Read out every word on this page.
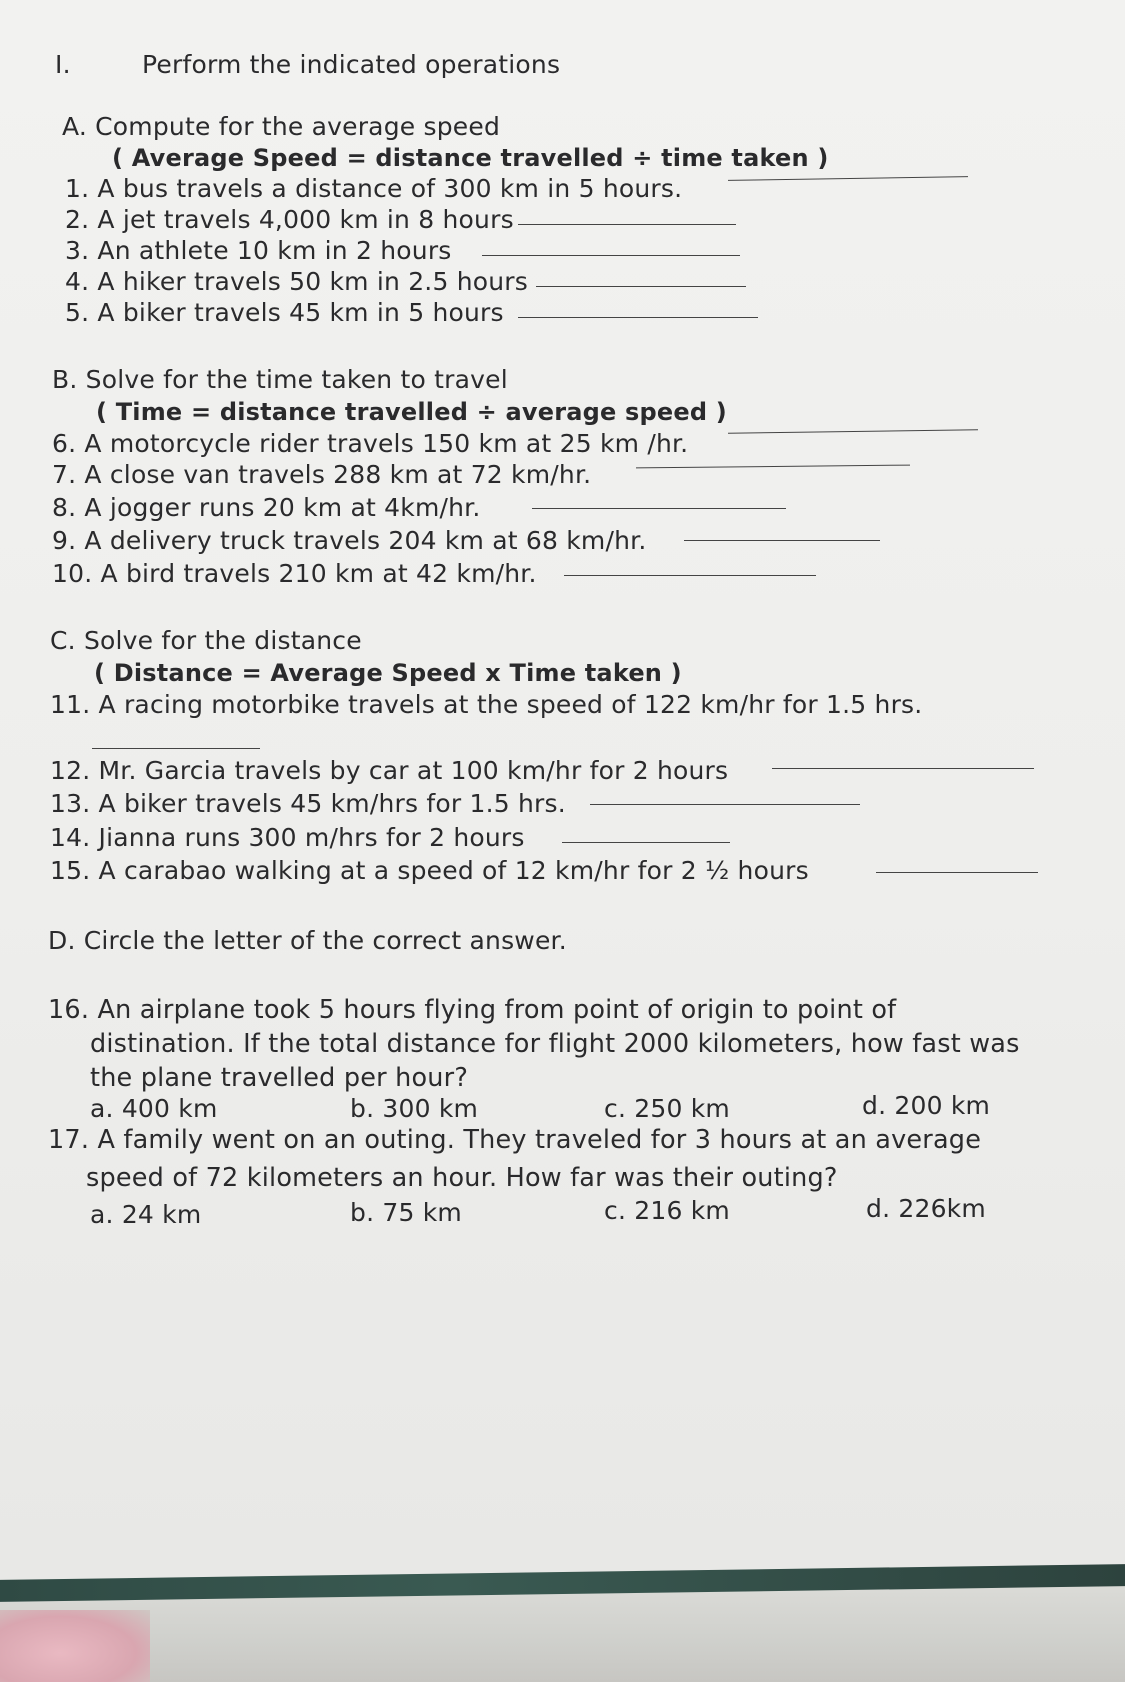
I.	Perform the indicated operations
A. Compute for the average speed
( Average Speed = distance travelled ÷ time taken )
1. A bus travels a distance of 300 km in 5 hours.
2. A jet travels 4,000 km in 8 hours
3. An athlete 10 km in 2 hours
4. A hiker travels 50 km in 2.5 hours
5. A biker travels 45 km in 5 hours
B. Solve for the time taken to travel
( Time = distance travelled ÷ average speed )
6. A motorcycle rider travels 150 km at 25 km /hr.
7. A close van travels 288 km at 72 km/hr.
8. A jogger runs 20 km at 4km/hr.
9. A delivery truck travels 204 km at 68 km/hr.
10. A bird travels 210 km at 42 km/hr.
C. Solve for the distance
( Distance = Average Speed x Time taken )
11. A racing motorbike travels at the speed of 122 km/hr for 1.5 hrs.
12. Mr. Garcia travels by car at 100 km/hr for 2 hours
13. A biker travels 45 km/hrs for 1.5 hrs.
14. Jianna runs 300 m/hrs for 2 hours
15. A carabao walking at a speed of 12 km/hr for 2 ½ hours
D. Circle the letter of the correct answer.
16. An airplane took 5 hours flying from point of origin to point of
distination. If the total distance for flight 2000 kilometers, how fast was
the plane travelled per hour?
a. 400 km	b. 300 km	c. 250 km	d. 200 km
17. A family went on an outing. They traveled for 3 hours at an average
speed of 72 kilometers an hour. How far was their outing?
a. 24 km	b. 75 km	c. 216 km	d. 226km
